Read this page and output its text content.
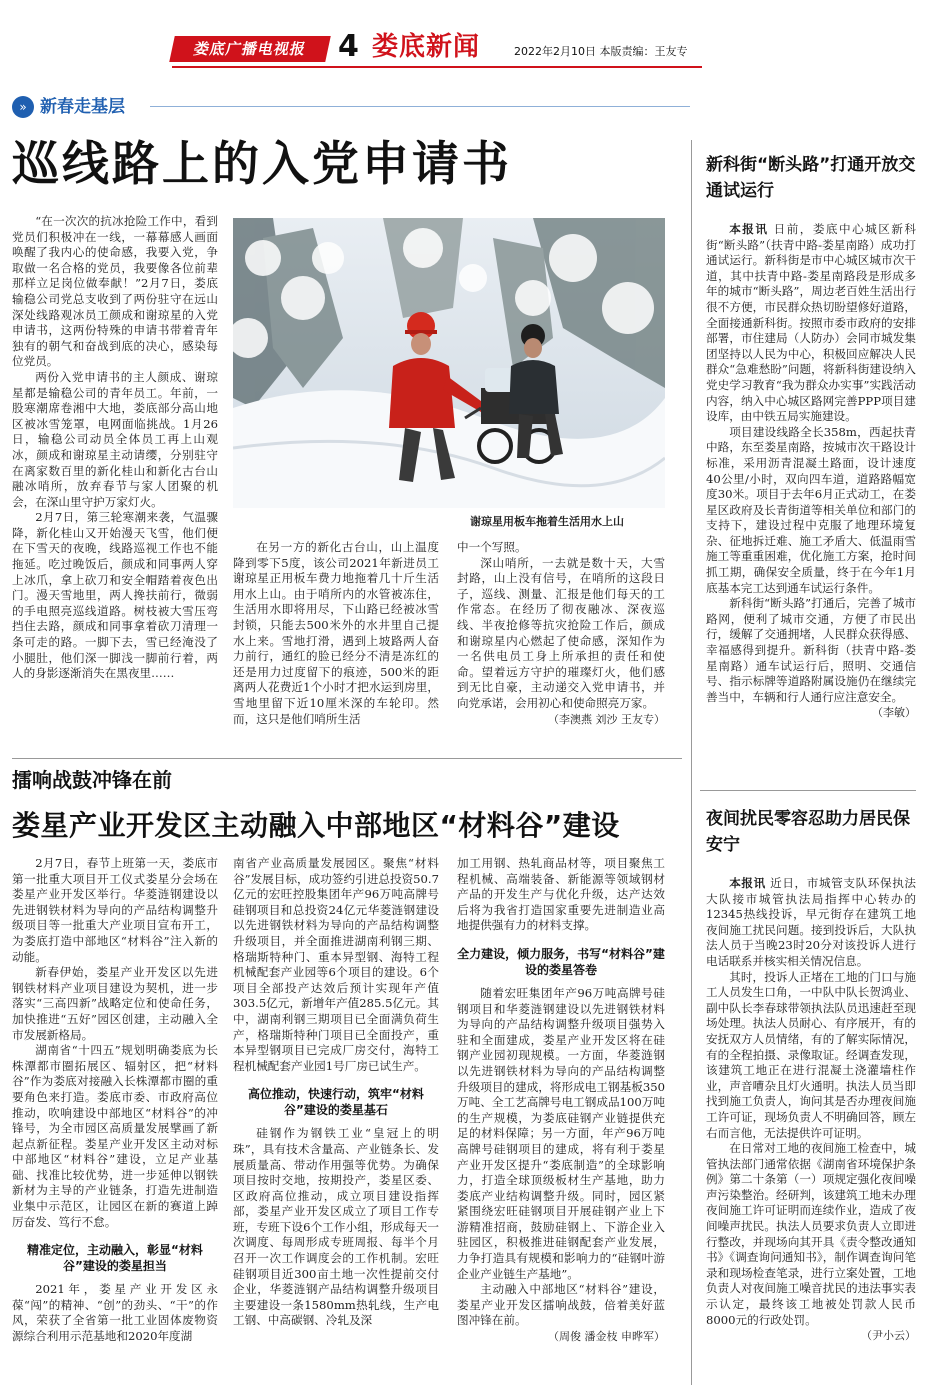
娄底广播电视报	4 娄底新闻	2022年2月10日 本版责编：王友专
» 新春走基层
巡线路上的入党申请书

“在一次次的抗冰抢险工作中，看到党员们积极冲在一线，一幕幕感人画面唤醒了我内心的使命感，我要入党，争取做一名合格的党员，我要像各位前辈那样立足岗位做奉献！”2月7日，娄底输稳公司党总支收到了两份驻守在远山深处线路观冰员工颜成和谢琼星的入党申请书，这两份特殊的申请书带着青年独有的朝气和奋战到底的决心，感染每位党员。

两份入党申请书的主人颜成、谢琼星都是输稳公司的青年员工。年前，一股寒潮席卷湘中大地，娄底部分高山地区被冰雪笼罩，电网面临挑战。1月26日，输稳公司动员全体员工再上山观冰，颜成和谢琼星主动请缨，分别驻守在离家数百里的新化桂山和新化古台山融冰哨所，放弃春节与家人团聚的机会，在深山里守护万家灯火。

2月7日，第三轮寒潮来袭，气温骤降，新化桂山又开始漫天飞雪，他们便在下雪天的夜晚，线路巡视工作也不能拖延。吃过晚饭后，颜成和同事两人穿上冰爪，拿上砍刀和安全帽踏着夜色出门。漫天雪地里，两人搀扶前行，微弱的手电照亮巡线道路。树枝被大雪压弯挡住去路，颜成和同事拿着砍刀清理一条可走的路。一脚下去，雪已经淹没了小腿肚，他们深一脚浅一脚前行着，两人的身影逐渐消失在黑夜里……

谢琼星用板车拖着生活用水上山

在另一方的新化古台山，山上温度降到零下5度，该公司2021年新进员工谢琼星正用板车费力地拖着几十斤生活用水上山。由于哨所内的水管被冻住，生活用水即将用尽，下山路已经被冰雪封锁，只能去500米外的水井里自己提水上来。雪地打滑，遇到上坡路两人奋力前行，通红的脸已经分不清是冻红的还是用力过度留下的痕迹，500米的距离两人花费近1个小时才把水运到房里，雪地里留下近10厘米深的车轮印。然而，这只是他们哨所生活

中一个写照。

深山哨所，一去就是数十天，大雪封路，山上没有信号，在哨所的这段日子，巡线、测量、汇报是他们每天的工作常态。在经历了彻夜融冰、深夜巡线、半夜抢修等抗灾抢险工作后，颜成和谢琼星内心燃起了使命感，深知作为一名供电员工身上所承担的责任和使命。望着远方守护的璀璨灯火，他们感到无比自豪，主动递交入党申请书，并向党承诺，会用初心和使命照亮万家。

（李澳燕 刘沙 王友专）
新科街“断头路”打通开放交通试运行

本报讯 日前，娄底中心城区新科街“断头路”（扶青中路-娄星南路）成功打通试运行。新科街是市中心城区城市次干道，其中扶青中路-娄星南路段是形成多年的城市“断头路”，周边老百姓生活出行很不方便，市民群众热切盼望修好道路，全面接通新科街。按照市委市政府的安排部署，市住建局（人防办）会同市城发集团坚持以人民为中心，积极回应解决人民群众“急难愁盼”问题，将新科街建设纳入党史学习教育“我为群众办实事”实践活动内容，纳入中心城区路网完善PPP项目建设库，由中铁五局实施建设。

项目建设线路全长358m，西起扶青中路，东至娄星南路，按城市次干路设计标准，采用沥青混凝土路面，设计速度40公里/小时，双向四车道，道路路幅宽度30米。项目于去年6月正式动工，在娄星区政府及长青街道等相关单位和部门的支持下，建设过程中克服了地理环境复杂、征地拆迁难、施工矛盾大、低温雨雪施工等重重困难，优化施工方案，抢时间抓工期，确保安全质量，终于在今年1月底基本完工达到通车试运行条件。

新科街“断头路”打通后，完善了城市路网，便利了城市交通，方便了市民出行，缓解了交通拥堵，人民群众获得感、幸福感得到提升。新科街（扶青中路-娄星南路）通车试运行后，照明、交通信号、指示标牌等道路附属设施仍在继续完善当中，车辆和行人通行应注意安全。

（李敏）
擂响战鼓冲锋在前
娄星产业开发区主动融入中部地区“材料谷”建设

2月7日，春节上班第一天，娄底市第一批重大项目开工仪式娄星分会场在娄星产业开发区举行。华菱涟钢建设以先进钢铁材料为导向的产品结构调整升级项目等一批重大产业项目宣布开工，为娄底打造中部地区“材料谷”注入新的动能。

新春伊始，娄星产业开发区以先进钢铁材料产业项目建设为契机，进一步落实“三高四新”战略定位和使命任务，加快推进“五好”园区创建，主动融入全市发展新格局。

湖南省“十四五”规划明确娄底为长株潭都市圈拓展区、辐射区，把“材料谷”作为娄底对接融入长株潭都市圈的重要角色来打造。娄底市委、市政府高位推动，吹响建设中部地区“材料谷”的冲锋号，为全市园区高质量发展擘画了新起点新征程。娄星产业开发区主动对标中部地区“材料谷”建设，立足产业基础、找准比较优势，进一步延伸以钢铁新材为主导的产业链条，打造先进制造业集中示范区，让园区在新的赛道上踔厉奋发、笃行不怠。

精准定位，主动融入，彰显“材料谷”建设的娄星担当

2021年，娄星产业开发区永葆“闯”的精神、“创”的劲头、“干”的作风，荣获了全省第一批工业固体废物资源综合利用示范基地和2020年度湖

南省产业高质量发展园区。聚焦“材料谷”发展目标，成功签约引进总投资50.7亿元的宏旺控股集团年产96万吨高牌号硅钢项目和总投资24亿元华菱涟钢建设以先进钢铁材料为导向的产品结构调整升级项目，并全面推进湖南利钢三期、格瑞斯特种门、重本异型钢、海特工程机械配套产业园等6个项目的建设。6个项目全部投产达效后预计实现年产值303.5亿元，新增年产值285.5亿元。其中，湖南利钢三期项目已全面满负荷生产，格瑞斯特种门项目已全面投产，重本异型钢项目已完成厂房交付，海特工程机械配套产业园1号厂房已试生产。

高位推动，快速行动，筑牢“材料谷”建设的娄星基石

硅钢作为钢铁工业“皇冠上的明珠”，具有技术含量高、产业链条长、发展质量高、带动作用强等优势。为确保项目按时交地，按期投产，娄星区委、区政府高位推动，成立项目建设指挥部，娄星产业开发区成立了项目工作专班，专班下设6个工作小组，形成每天一次调度、每周形成专班周报、每半个月召开一次工作调度会的工作机制。宏旺硅钢项目近300亩土地一次性提前交付企业，华菱涟钢产品结构调整升级项目主要建设一条1580mm热轧线，生产电工钢、中高碳钢、冷轧及深

加工用钢、热轧商品材等，项目聚焦工程机械、高端装备、新能源等领域钢材产品的开发生产与优化升级，达产达效后将为我省打造国家重要先进制造业高地提供强有力的材料支撑。

全力建设，倾力服务，书写“材料谷”建设的娄星答卷

随着宏旺集团年产96万吨高牌号硅钢项目和华菱涟钢建设以先进钢铁材料为导向的产品结构调整升级项目强势入驻和全面建成，娄星产业开发区将在硅钢产业园初现规模。一方面，华菱涟钢以先进钢铁材料为导向的产品结构调整升级项目的建成，将形成电工钢基板350万吨、全工艺高牌号电工钢成品100万吨的生产规模，为娄底硅钢产业链提供充足的材料保障；另一方面，年产96万吨高牌号硅钢项目的建成，将有利于娄星产业开发区提升“娄底制造”的全球影响力，打造全球顶级板材生产基地，助力娄底产业结构调整升级。同时，园区紧紧围绕宏旺硅钢项目开展硅钢产业上下游精准招商，鼓励硅钢上、下游企业入驻园区，积极推进硅钢配套产业发展，力争打造具有规模和影响力的“硅钢叶游企业产业链生产基地”。

主动融入中部地区“材料谷”建设，娄星产业开发区擂响战鼓，倍着美好蓝图冲锋在前。

（周俊 潘金枝 申晔军）
夜间扰民零容忍助力居民保安宁

本报讯 近日，市城管支队环保执法大队接市城管执法局指挥中心转办的12345热线投诉，早元街存在建筑工地夜间施工扰民问题。接到投诉后，大队执法人员于当晚23时20分对该投诉人进行电话联系并核实相关情况信息。

其时，投诉人正堵在工地的门口与施工人员发生口角，一中队中队长贺鸿业、副中队长李春球带领执法队员迅速赶至现场处理。执法人员耐心、有序展开，有的安抚双方人员情绪，有的了解实际情况，有的全程拍摄、录像取证。经调查发现，该建筑工地正在进行混凝土浇灌墙柱作业，声音嘈杂且灯火通明。执法人员当即找到施工负责人，询问其是否办理夜间施工许可证，现场负责人不明确回答，顾左右而言他，无法提供许可证明。

在日常对工地的夜间施工检查中，城管执法部门通常依据《湖南省环境保护条例》第二十条第（一）项规定强化夜间噪声污染整治。经研判，该建筑工地未办理夜间施工许可证明而连续作业，造成了夜间噪声扰民。执法人员要求负责人立即进行整改，并现场向其开具《责令整改通知书》《调查询问通知书》，制作调查询问笔录和现场检查笔录，进行立案处置，工地负责人对夜间施工噪音扰民的违法事实表示认定，最终该工地被处罚款人民币8000元的行政处罚。

（尹小云）
